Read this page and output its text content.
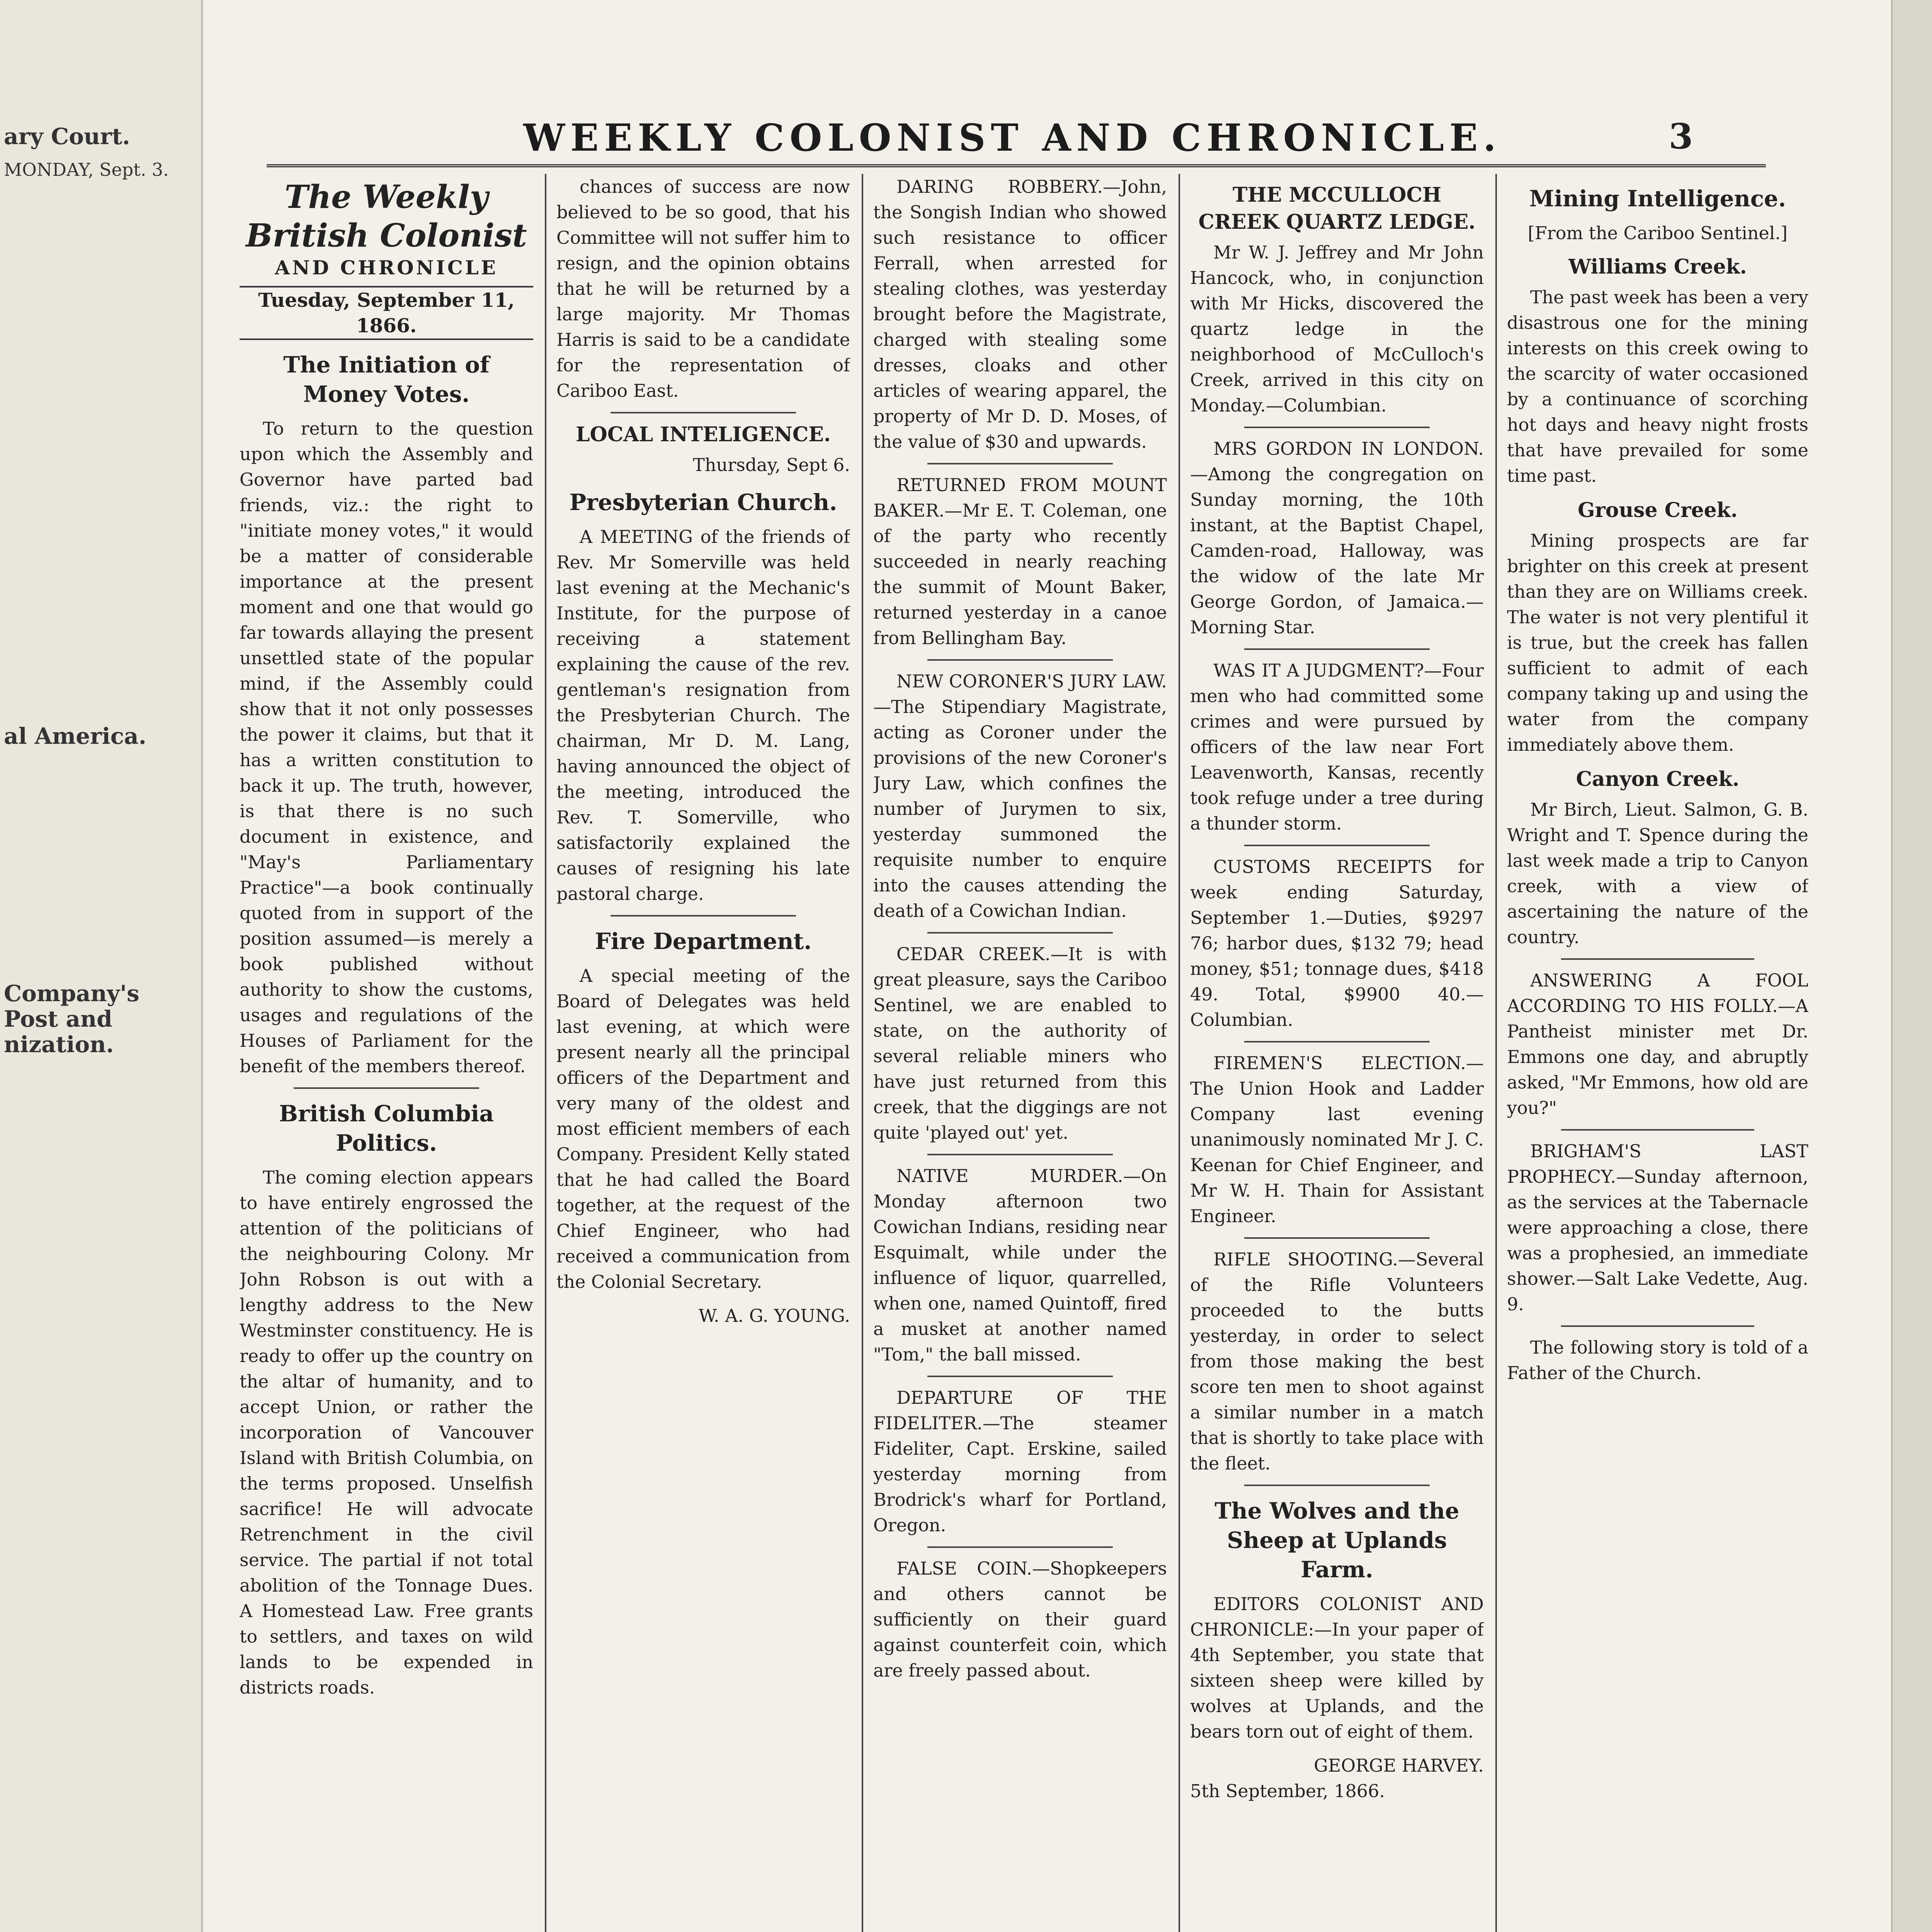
ary Court.
MONDAY, Sept. 3.
al America.
Company's Post and nization.
WEEKLY COLONIST AND CHRONICLE.	3
The Weekly British Colonist
AND CHRONICLE
Tuesday, September 11, 1866.
The Initiation of Money Votes.

To return to the question upon which the Assembly and Governor have parted bad friends, viz.: the right to "initiate money votes," it would be a matter of considerable importance at the present moment and one that would go far towards allaying the present unsettled state of the popular mind, if the Assembly could show that it not only possesses the power it claims, but that it has a written constitution to back it up. The truth, however, is that there is no such document in existence, and "May's Parliamentary Practice"—a book continually quoted from in support of the position assumed—is merely a book published without authority to show the customs, usages and regulations of the Houses of Parliament for the benefit of the members thereof.

British Columbia Politics.

The coming election appears to have entirely engrossed the attention of the politicians of the neighbouring Colony. Mr John Robson is out with a lengthy address to the New Westminster constituency. He is ready to offer up the country on the altar of humanity, and to accept Union, or rather the incorporation of Vancouver Island with British Columbia, on the terms proposed. Unselfish sacrifice! He will advocate Retrenchment in the civil service. The partial if not total abolition of the Tonnage Dues. A Homestead Law. Free grants to settlers, and taxes on wild lands to be expended in districts roads.

chances of success are now believed to be so good, that his Committee will not suffer him to resign, and the opinion obtains that he will be returned by a large majority. Mr Thomas Harris is said to be a candidate for the representation of Cariboo East.

LOCAL INTELIGENCE.
Thursday, Sept 6.
Presbyterian Church.

A MEETING of the friends of Rev. Mr Somerville was held last evening at the Mechanic's Institute, for the purpose of receiving a statement explaining the cause of the rev. gentleman's resignation from the Presbyterian Church. The chairman, Mr D. M. Lang, having announced the object of the meeting, introduced the Rev. T. Somerville, who satisfactorily explained the causes of resigning his late pastoral charge.

Fire Department.

A special meeting of the Board of Delegates was held last evening, at which were present nearly all the principal officers of the Department and very many of the oldest and most efficient members of each Company. President Kelly stated that he had called the Board together, at the request of the Chief Engineer, who had received a communication from the Colonial Secretary.

W. A. G. YOUNG.

DARING ROBBERY.—John, the Songish Indian who showed such resistance to officer Ferrall, when arrested for stealing clothes, was yesterday brought before the Magistrate, charged with stealing some dresses, cloaks and other articles of wearing apparel, the property of Mr D. D. Moses, of the value of $30 and upwards.

RETURNED FROM MOUNT BAKER.—Mr E. T. Coleman, one of the party who recently succeeded in nearly reaching the summit of Mount Baker, returned yesterday in a canoe from Bellingham Bay.

NEW CORONER'S JURY LAW.—The Stipendiary Magistrate, acting as Coroner under the provisions of the new Coroner's Jury Law, which confines the number of Jurymen to six, yesterday summoned the requisite number to enquire into the causes attending the death of a Cowichan Indian.

CEDAR CREEK.—It is with great pleasure, says the Cariboo Sentinel, we are enabled to state, on the authority of several reliable miners who have just returned from this creek, that the diggings are not quite 'played out' yet.

NATIVE MURDER.—On Monday afternoon two Cowichan Indians, residing near Esquimalt, while under the influence of liquor, quarrelled, when one, named Quintoff, fired a musket at another named "Tom," the ball missed.

DEPARTURE OF THE FIDELITER.—The steamer Fideliter, Capt. Erskine, sailed yesterday morning from Brodrick's wharf for Portland, Oregon.

FALSE COIN.—Shopkeepers and others cannot be sufficiently on their guard against counterfeit coin, which are freely passed about.

THE MCCULLOCH CREEK QUARTZ LEDGE.

Mr W. J. Jeffrey and Mr John Hancock, who, in conjunction with Mr Hicks, discovered the quartz ledge in the neighborhood of McCulloch's Creek, arrived in this city on Monday.—Columbian.

MRS GORDON IN LONDON.—Among the congregation on Sunday morning, the 10th instant, at the Baptist Chapel, Camden-road, Halloway, was the widow of the late Mr George Gordon, of Jamaica.—Morning Star.

WAS IT A JUDGMENT?—Four men who had committed some crimes and were pursued by officers of the law near Fort Leavenworth, Kansas, recently took refuge under a tree during a thunder storm.

CUSTOMS RECEIPTS for week ending Saturday, September 1.—Duties, $9297 76; harbor dues, $132 79; head money, $51; tonnage dues, $418 49. Total, $9900 40.—Columbian.

FIREMEN'S ELECTION.—The Union Hook and Ladder Company last evening unanimously nominated Mr J. C. Keenan for Chief Engineer, and Mr W. H. Thain for Assistant Engineer.

RIFLE SHOOTING.—Several of the Rifle Volunteers proceeded to the butts yesterday, in order to select from those making the best score ten men to shoot against a similar number in a match that is shortly to take place with the fleet.

The Wolves and the Sheep at Uplands Farm.

EDITORS COLONIST AND CHRONICLE:—In your paper of 4th September, you state that sixteen sheep were killed by wolves at Uplands, and the bears torn out of eight of them.

GEORGE HARVEY.
5th September, 1866.
Mining Intelligence.
[From the Cariboo Sentinel.]
Williams Creek.

The past week has been a very disastrous one for the mining interests on this creek owing to the scarcity of water occasioned by a continuance of scorching hot days and heavy night frosts that have prevailed for some time past.

Grouse Creek.

Mining prospects are far brighter on this creek at present than they are on Williams creek. The water is not very plentiful it is true, but the creek has fallen sufficient to admit of each company taking up and using the water from the company immediately above them.

Canyon Creek.

Mr Birch, Lieut. Salmon, G. B. Wright and T. Spence during the last week made a trip to Canyon creek, with a view of ascertaining the nature of the country.

ANSWERING A FOOL ACCORDING TO HIS FOLLY.—A Pantheist minister met Dr. Emmons one day, and abruptly asked, "Mr Emmons, how old are you?"

BRIGHAM'S LAST PROPHECY.—Sunday afternoon, as the services at the Tabernacle were approaching a close, there was a prophesied, an immediate shower.—Salt Lake Vedette, Aug. 9.

The following story is told of a Father of the Church.
